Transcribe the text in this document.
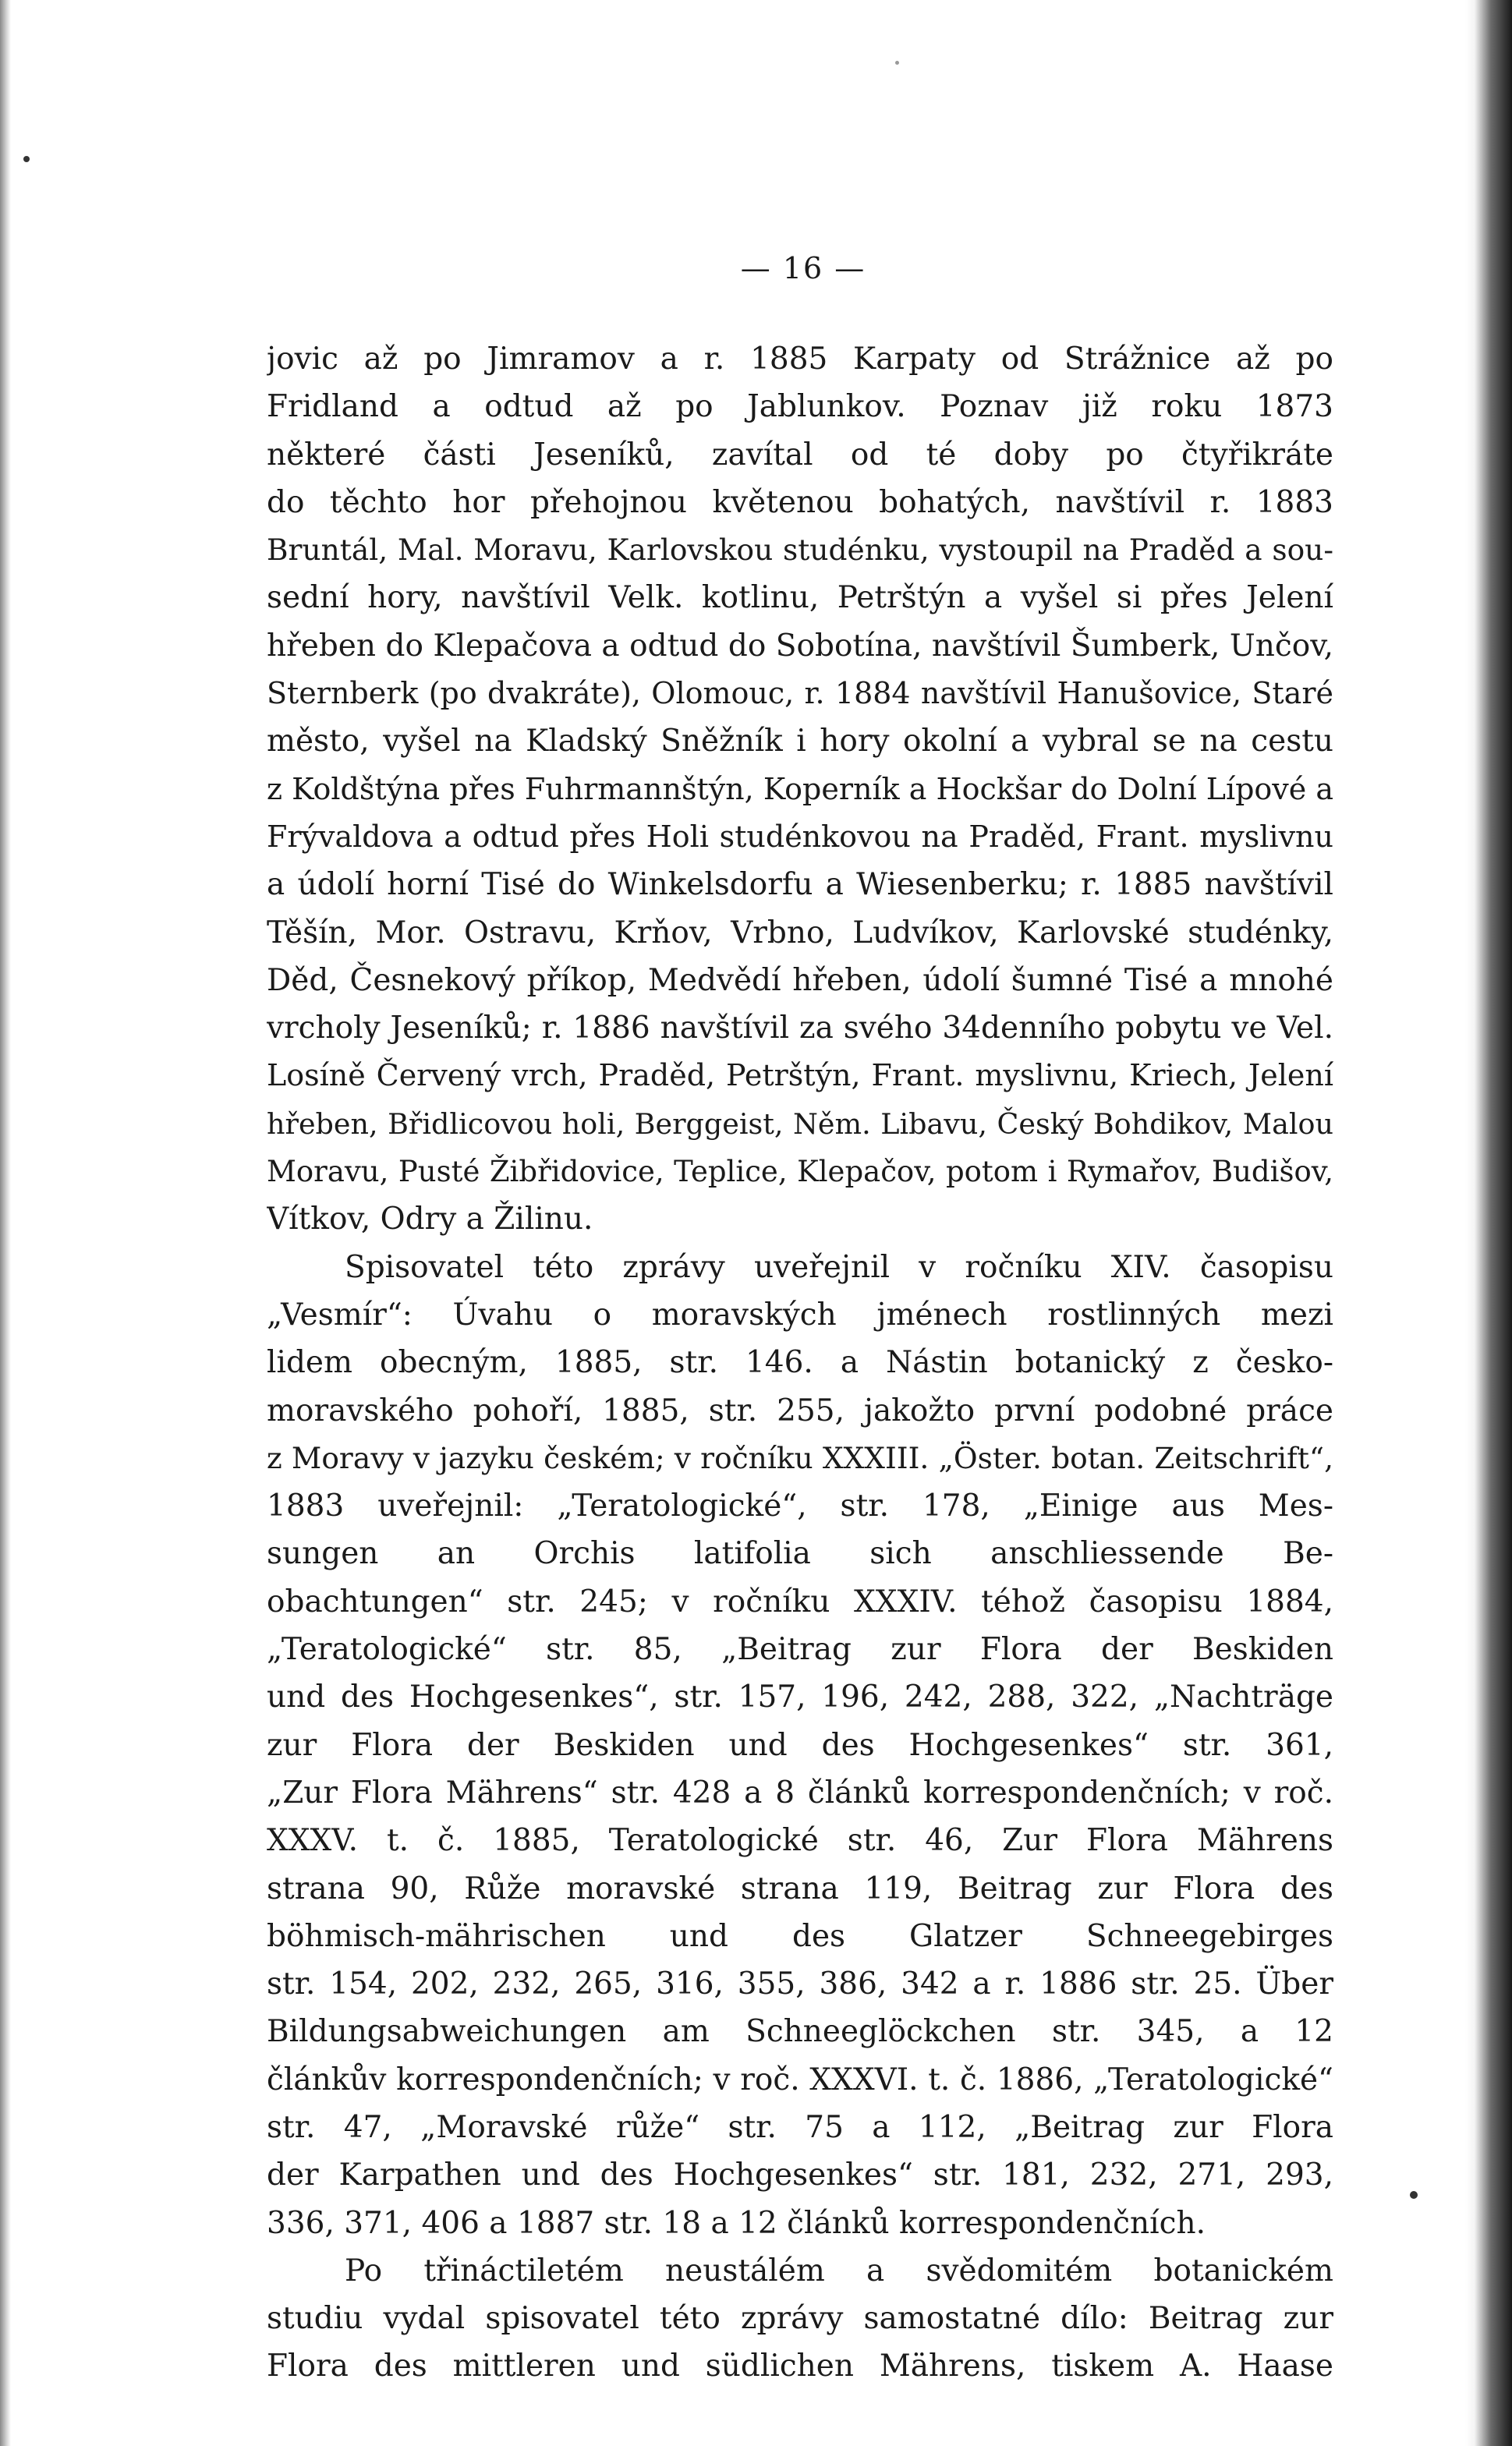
— 16 —
jovic až po Jimramov a r. 1885 Karpaty od Strážnice až po
Fridland a odtud až po Jablunkov. Poznav již roku 1873
některé části Jeseníků, zavítal od té doby po čtyřikráte
do těchto hor přehojnou květenou bohatých, navštívil r. 1883
Bruntál, Mal. Moravu, Karlovskou studénku, vystoupil na Praděd a sou-
sední hory, navštívil Velk. kotlinu, Petrštýn a vyšel si přes Jelení
hřeben do Klepačova a odtud do Sobotína, navštívil Šumberk, Unčov,
Sternberk (po dvakráte), Olomouc, r. 1884 navštívil Hanušovice, Staré
město, vyšel na Kladský Sněžník i hory okolní a vybral se na cestu
z Koldštýna přes Fuhrmannštýn, Koperník a Hockšar do Dolní Lípové a
Frývaldova a odtud přes Holi studénkovou na Praděd, Frant. myslivnu
a údolí horní Tisé do Winkelsdorfu a Wiesenberku; r. 1885 navštívil
Těšín, Mor. Ostravu, Krňov, Vrbno, Ludvíkov, Karlovské studénky,
Děd, Česnekový příkop, Medvědí hřeben, údolí šumné Tisé a mnohé
vrcholy Jeseníků; r. 1886 navštívil za svého 34denního pobytu ve Vel.
Losíně Červený vrch, Praděd, Petrštýn, Frant. myslivnu, Kriech, Jelení
hřeben, Břidlicovou holi, Berggeist, Něm. Libavu, Český Bohdikov, Malou
Moravu, Pusté Žibřidovice, Teplice, Klepačov, potom i Rymařov, Budišov,
Vítkov, Odry a Žilinu.
Spisovatel této zprávy uveřejnil v ročníku XIV. časopisu
„Vesmír“: Úvahu o moravských jménech rostlinných mezi
lidem obecným, 1885, str. 146. a Nástin botanický z česko-
moravského pohoří, 1885, str. 255, jakožto první podobné práce
z Moravy v jazyku českém; v ročníku XXXIII. „Öster. botan. Zeitschrift“,
1883 uveřejnil: „Teratologické“, str. 178, „Einige aus Mes-
sungen an Orchis latifolia sich anschliessende Be-
obachtungen“ str. 245; v ročníku XXXIV. téhož časopisu 1884,
„Teratologické“ str. 85, „Beitrag zur Flora der Beskiden
und des Hochgesenkes“, str. 157, 196, 242, 288, 322, „Nachträge
zur Flora der Beskiden und des Hochgesenkes“ str. 361,
„Zur Flora Mährens“ str. 428 a 8 článků korrespondenčních; v roč.
XXXV. t. č. 1885, Teratologické str. 46, Zur Flora Mährens
strana 90, Růže moravské strana 119, Beitrag zur Flora des
böhmisch-mährischen und des Glatzer Schneegebirges
str. 154, 202, 232, 265, 316, 355, 386, 342 a r. 1886 str. 25. Über
Bildungsabweichungen am Schneeglöckchen str. 345, a 12
článkův korrespondenčních; v roč. XXXVI. t. č. 1886, „Teratologické“
str. 47, „Moravské růže“ str. 75 a 112, „Beitrag zur Flora
der Karpathen und des Hochgesenkes“ str. 181, 232, 271, 293,
336, 371, 406 a 1887 str. 18 a 12 článků korrespondenčních.
Po třináctiletém neustálém a svědomitém botanickém
studiu vydal spisovatel této zprávy samostatné dílo: Beitrag zur
Flora des mittleren und südlichen Mährens, tiskem A. Haase
